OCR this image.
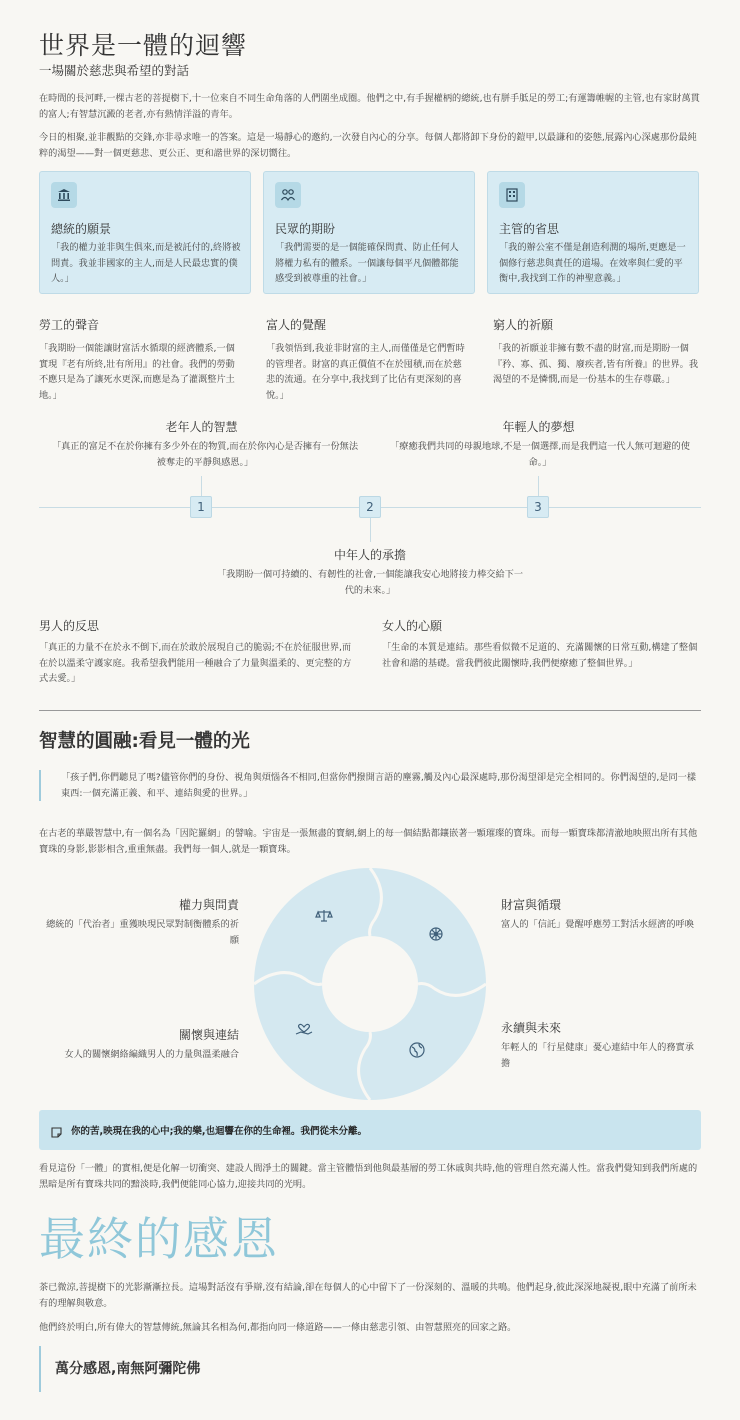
世界是一體的迴響
一場關於慈悲與希望的對話
在時間的長河畔,一棵古老的菩提樹下,十一位來自不同生命角落的人們圍坐成圈。他們之中,有手握權柄的總統,也有胼手胝足的勞工;有運籌帷幄的主管,也有家財萬貫的富人;有智慧沉澱的老者,亦有熱情洋溢的青年。
今日的相聚,並非觀點的交鋒,亦非尋求唯一的答案。這是一場靜心的邀約,一次發自內心的分享。每個人都將卸下身份的鎧甲,以最謙和的姿態,展露內心深處那份最純粹的渴望——對一個更慈悲、更公正、更和諧世界的深切嚮往。
總統的願景
「我的權力並非與生俱來,而是被託付的,終將被問責。我並非國家的主人,而是人民最忠實的僕人。」
民眾的期盼
「我們需要的是一個能確保問責、防止任何人將權力私有的體系。一個讓每個平凡個體都能感受到被尊重的社會。」
主管的省思
「我的辦公室不僅是創造利潤的場所,更應是一個修行慈悲與責任的道場。在效率與仁愛的平衡中,我找到工作的神聖意義。」
勞工的聲音
「我期盼一個能讓財富活水循環的經濟體系,一個實現『老有所終,壯有所用』的社會。我們的勞動不應只是為了讓死水更深,而應是為了灌溉整片土地。」
富人的覺醒
「我領悟到,我並非財富的主人,而僅僅是它們暫時的管理者。財富的真正價值不在於囤積,而在於慈悲的流通。在分享中,我找到了比佔有更深刻的喜悅。」
窮人的祈願
「我的祈願並非擁有數不盡的財富,而是期盼一個『矜、寡、孤、獨、廢疾者,皆有所養』的世界。我渴望的不是憐憫,而是一份基本的生存尊嚴。」
老年人的智慧
「真正的富足不在於你擁有多少外在的物質,而在於你內心是否擁有一份無法被奪走的平靜與感恩。」
年輕人的夢想
「療癒我們共同的母親地球,不是一個選擇,而是我們這一代人無可迴避的使命。」
1	2	3
中年人的承擔
「我期盼一個可持續的、有韌性的社會,一個能讓我安心地將接力棒交給下一代的未來。」
男人的反思
「真正的力量不在於永不倒下,而在於敢於展現自己的脆弱;不在於征服世界,而在於以溫柔守護家庭。我希望我們能用一種融合了力量與溫柔的、更完整的方式去愛。」
女人的心願
「生命的本質是連結。那些看似微不足道的、充滿關懷的日常互動,構建了整個社會和諧的基礎。當我們彼此關懷時,我們便療癒了整個世界。」
智慧的圓融:看見一體的光
「孩子們,你們聽見了嗎?儘管你們的身份、視角與煩惱各不相同,但當你們撥開言語的塵霧,觸及內心最深處時,那份渴望卻是完全相同的。你們渴望的,是同一樣東西:一個充滿正義、和平、連結與愛的世界。」
在古老的華嚴智慧中,有一個名為「因陀羅網」的譬喻。宇宙是一張無盡的寶網,網上的每一個結點都鑲嵌著一顆璀璨的寶珠。而每一顆寶珠都清澈地映照出所有其他寶珠的身影,影影相含,重重無盡。我們每一個人,就是一顆寶珠。
權力與問責
總統的「代治者」重獲映現民眾對制衡體系的祈願
財富與循環
富人的「信託」覺醒呼應勞工對活水經濟的呼喚
關懷與連結
女人的關懷網絡編織男人的力量與溫柔融合
永續與未來
年輕人的「行星健康」憂心連結中年人的務實承擔
你的苦,映現在我的心中;我的樂,也迴響在你的生命裡。我們從未分離。
看見這份「一體」的實相,便是化解一切衝突、建設人間淨土的關鍵。當主管體悟到他與最基層的勞工休戚與共時,他的管理自然充滿人性。當我們覺知到我們所處的黑暗是所有寶珠共同的黯淡時,我們便能同心協力,迎接共同的光明。
最終的感恩
茶已微涼,菩提樹下的光影漸漸拉長。這場對話沒有爭辯,沒有結論,卻在每個人的心中留下了一份深刻的、溫暖的共鳴。他們起身,彼此深深地凝視,眼中充滿了前所未有的理解與敬意。
他們終於明白,所有偉大的智慧傳統,無論其名相為何,都指向同一條道路——一條由慈悲引領、由智慧照亮的回家之路。
萬分感恩,南無阿彌陀佛
